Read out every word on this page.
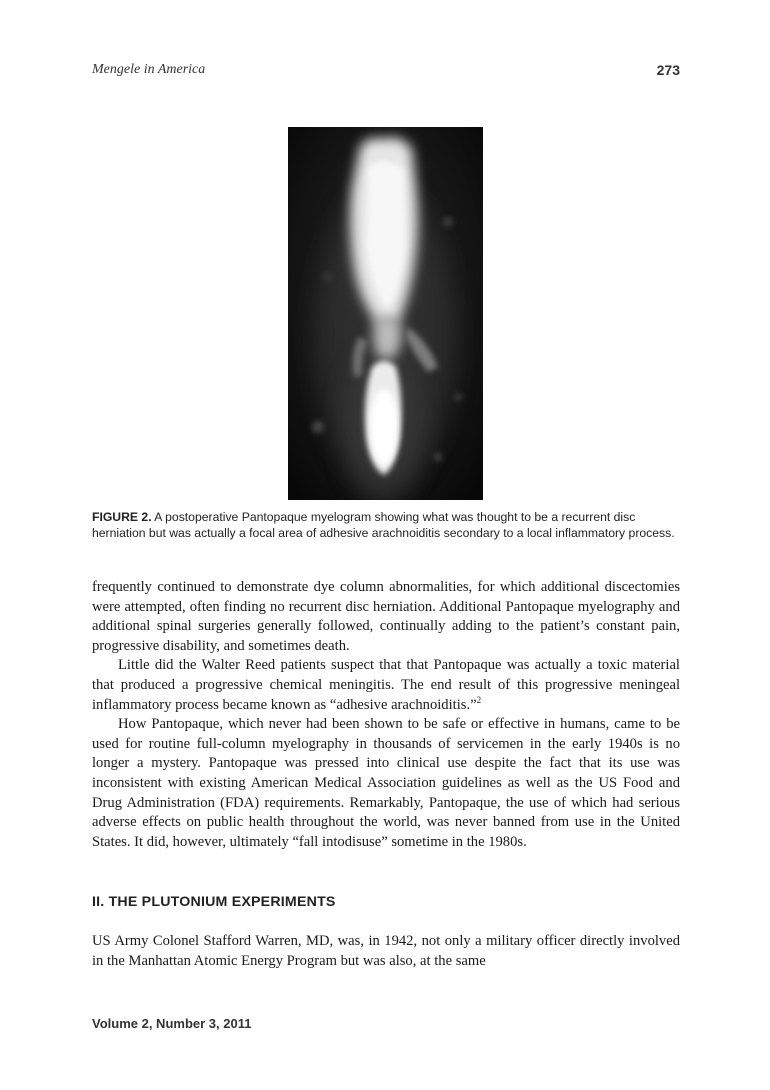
Mengele in America	273
FIGURE 2. A postoperative Pantopaque myelogram showing what was thought to be a recurrent disc herniation but was actually a focal area of adhesive arachnoiditis secondary to a local inflammatory process.

frequently continued to demonstrate dye column abnormalities, for which additional discectomies were attempted, often finding no recurrent disc herniation. Additional Pantopaque myelography and additional spinal surgeries generally followed, continually adding to the patient’s constant pain, progressive disability, and sometimes death.

Little did the Walter Reed patients suspect that that Pantopaque was actually a toxic material that produced a progressive chemical meningitis. The end result of this progressive meningeal inflammatory process became known as “adhesive arachnoiditis.”$^2$

How Pantopaque, which never had been shown to be safe or effective in humans, came to be used for routine full-column myelography in thousands of servicemen in the early 1940s is no longer a mystery. Pantopaque was pressed into clinical use despite the fact that its use was inconsistent with existing American Medical Association guidelines as well as the US Food and Drug Administration (FDA) requirements. Remarkably, Pantopaque, the use of which had serious adverse effects on public health throughout the world, was never banned from use in the United States. It did, however, ultimately “fall intodisuse” sometime in the 1980s.

II. THE PLUTONIUM EXPERIMENTS

US Army Colonel Stafford Warren, MD, was, in 1942, not only a military officer directly involved in the Manhattan Atomic Energy Program but was also, at the same

Volume 2, Number 3, 2011
